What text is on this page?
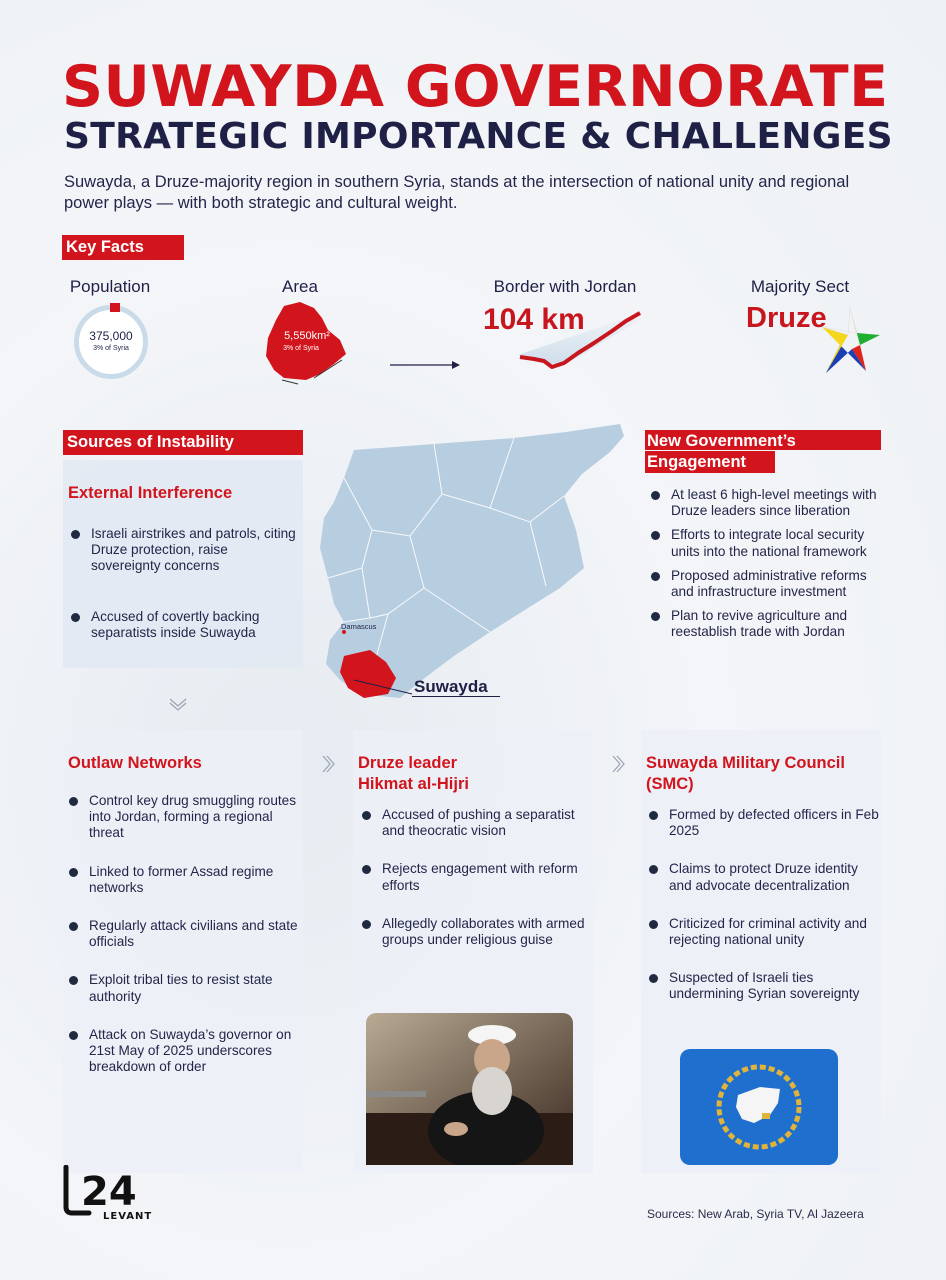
SUWAYDA GOVERNORATE
STRATEGIC IMPORTANCE & CHALLENGES
Suwayda, a Druze-majority region in southern Syria, stands at the intersection of national unity and regional power plays — with both strategic and cultural weight.
Key Facts
Population
375,000
3% of Syria
Area
5,550km²
3% of Syria
Border with Jordan
104 km
Majority Sect
Druze
Damascus
Suwayda
Sources of Instability
External Interference
Israeli airstrikes and patrols, citing Druze protection, raise sovereignty concerns
Accused of covertly backing separatists inside Suwayda
New Government’s Engagement
At least 6 high-level meetings with Druze leaders since liberation
Efforts to integrate local security units into the national framework
Proposed administrative reforms and infrastructure investment
Plan to revive agriculture and reestablish trade with Jordan
Outlaw Networks
Control key drug smuggling routes into Jordan, forming a regional threat
Linked to former Assad regime networks
Regularly attack civilians and state officials
Exploit tribal ties to resist state authority
Attack on Suwayda’s governor on 21st May of 2025 underscores breakdown of order
Druze leader
Hikmat al-Hijri
Accused of pushing a separatist and theocratic vision
Rejects engagement with reform efforts
Allegedly collaborates with armed groups under religious guise
Suwayda Military Council
(SMC)
Formed by defected officers in Feb 2025
Claims to protect Druze identity and advocate decentralization
Criticized for criminal activity and rejecting national unity
Suspected of Israeli ties undermining Syrian sovereignty
24
LEVANT	Sources: New Arab, Syria TV, Al Jazeera
